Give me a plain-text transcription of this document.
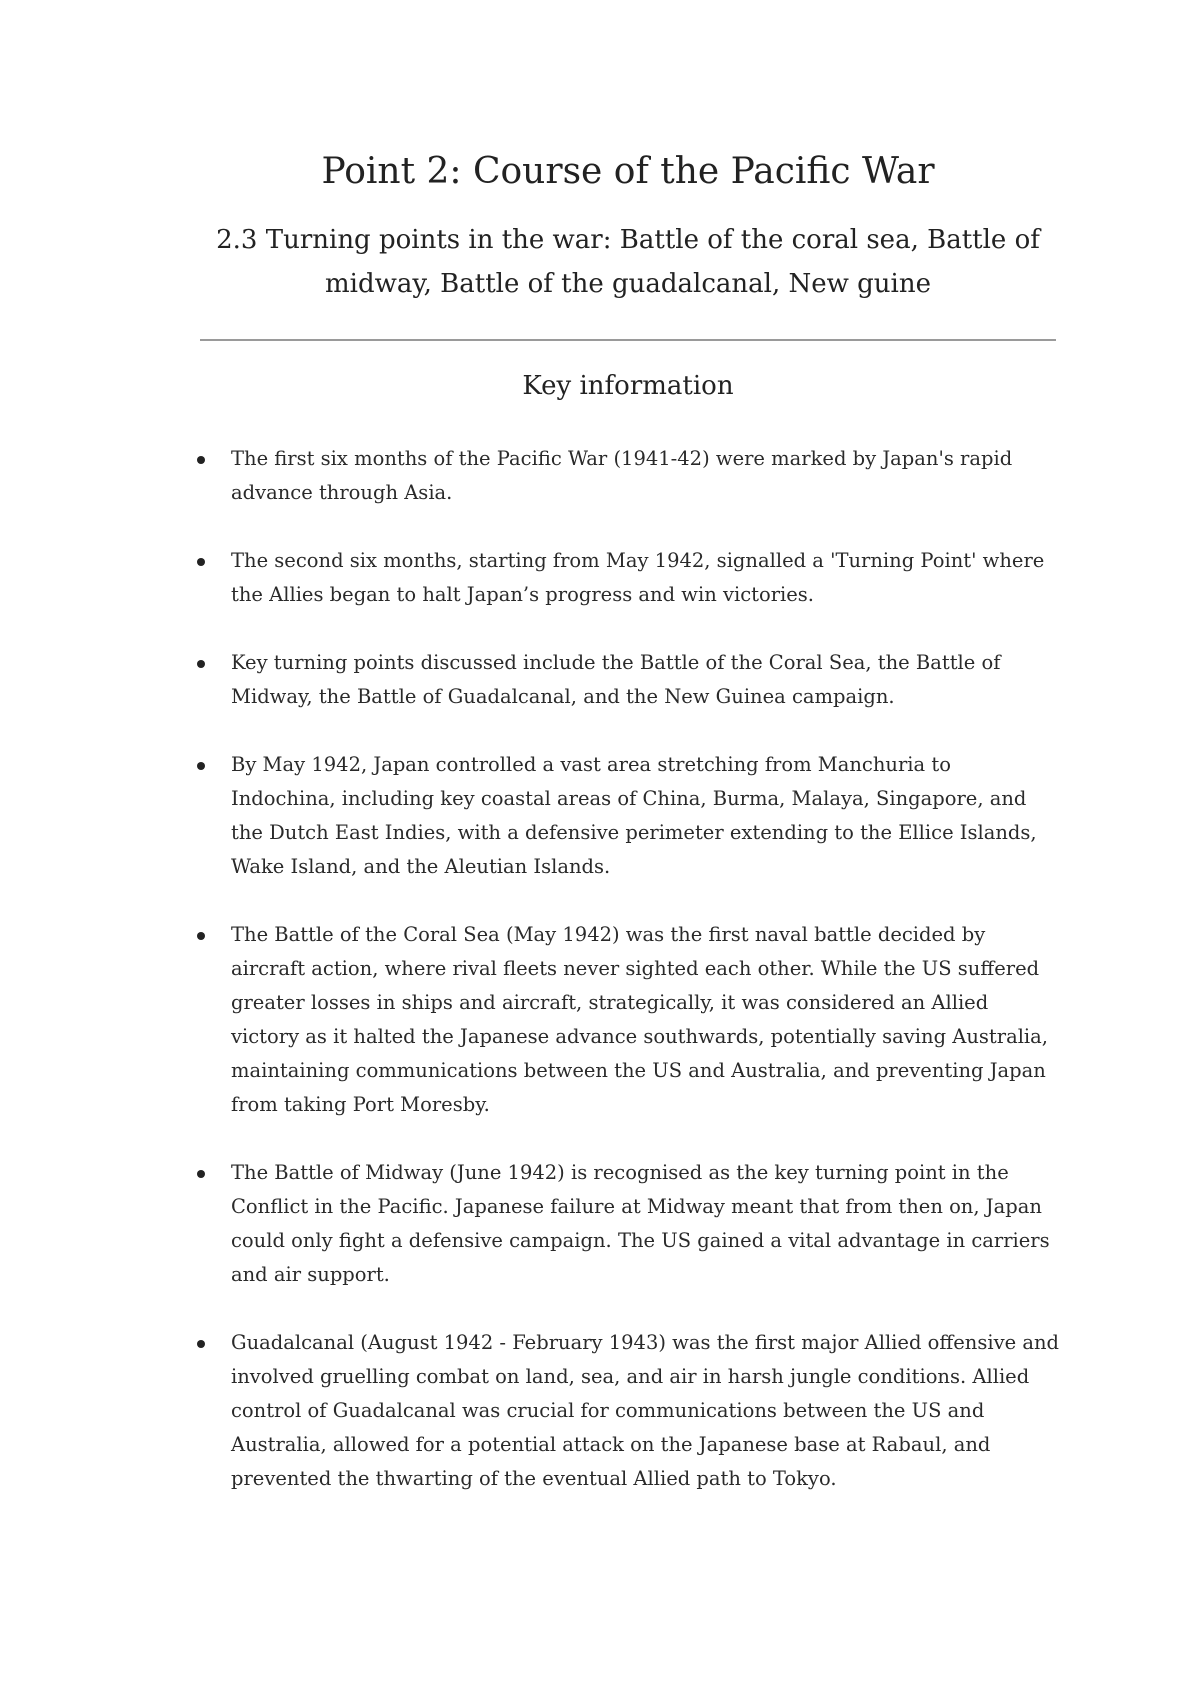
Point 2: Course of the Pacific War
2.3 Turning points in the war: Battle of the coral sea, Battle of midway, Battle of the guadalcanal, New guine
Key information
The first six months of the Pacific War (1941-42) were marked by Japan's rapid advance through Asia.
The second six months, starting from May 1942, signalled a 'Turning Point' where the Allies began to halt Japan’s progress and win victories.
Key turning points discussed include the Battle of the Coral Sea, the Battle of Midway, the Battle of Guadalcanal, and the New Guinea campaign.
By May 1942, Japan controlled a vast area stretching from Manchuria to Indochina, including key coastal areas of China, Burma, Malaya, Singapore, and the Dutch East Indies, with a defensive perimeter extending to the Ellice Islands, Wake Island, and the Aleutian Islands.
The Battle of the Coral Sea (May 1942) was the first naval battle decided by aircraft action, where rival fleets never sighted each other. While the US suffered greater losses in ships and aircraft, strategically, it was considered an Allied victory as it halted the Japanese advance southwards, potentially saving Australia, maintaining communications between the US and Australia, and preventing Japan from taking Port Moresby.
The Battle of Midway (June 1942) is recognised as the key turning point in the Conflict in the Pacific. Japanese failure at Midway meant that from then on, Japan could only fight a defensive campaign. The US gained a vital advantage in carriers and air support.
Guadalcanal (August 1942 - February 1943) was the first major Allied offensive and involved gruelling combat on land, sea, and air in harsh jungle conditions. Allied control of Guadalcanal was crucial for communications between the US and Australia, allowed for a potential attack on the Japanese base at Rabaul, and prevented the thwarting of the eventual Allied path to Tokyo.
